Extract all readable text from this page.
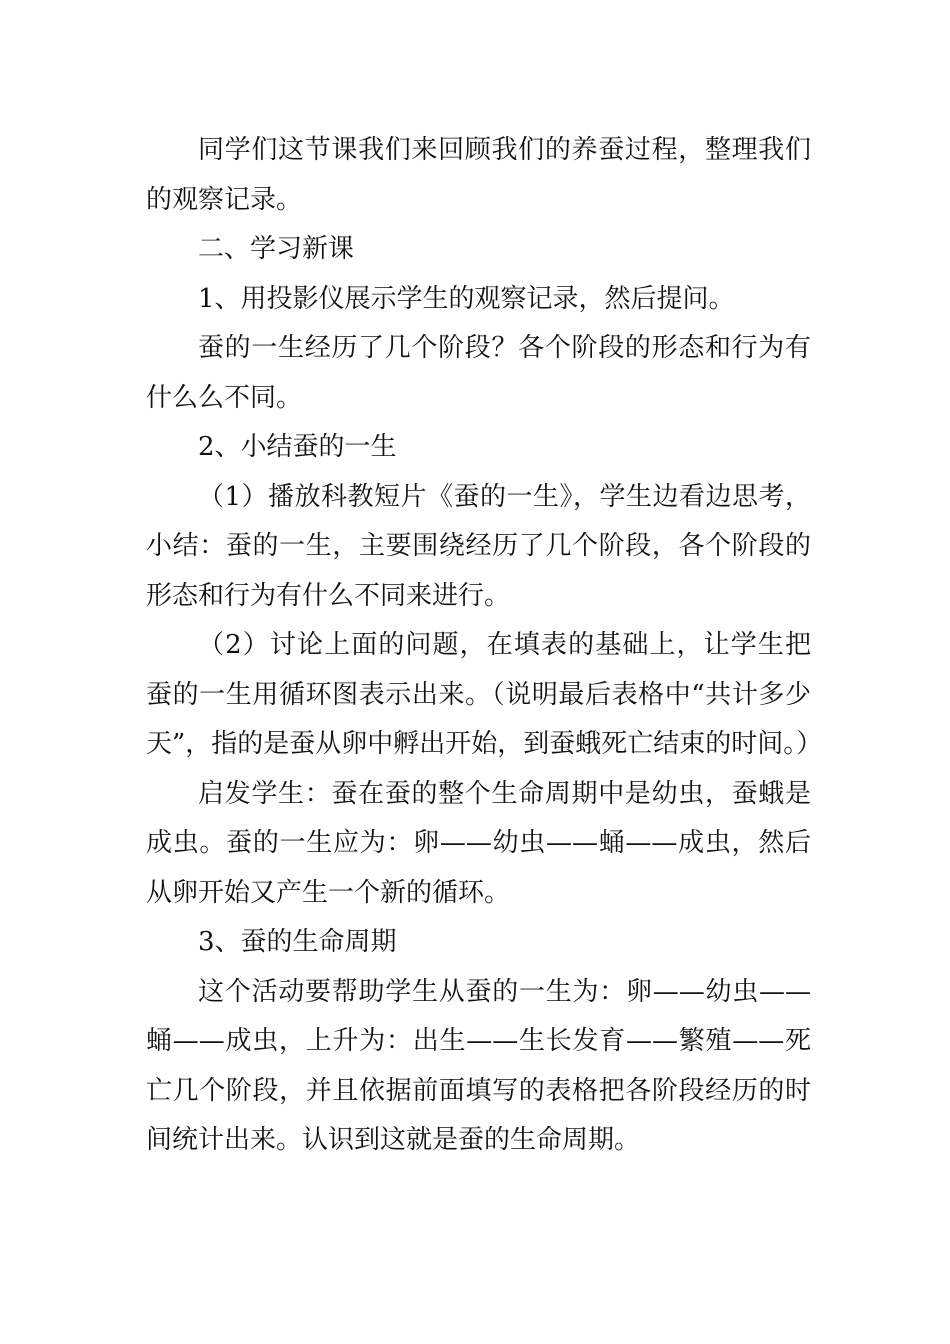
同学们这节课我们来回顾我们的养蚕过程，整理我们的观察记录。

二、学习新课

1、用投影仪展示学生的观察记录，然后提问。

蚕的一生经历了几个阶段？各个阶段的形态和行为有什么么不同。

2、小结蚕的一生

（1）播放科教短片《蚕的一生》，学生边看边思考，小结：蚕的一生，主要围绕经历了几个阶段，各个阶段的形态和行为有什么不同来进行。

（2）讨论上面的问题，在填表的基础上，让学生把蚕的一生用循环图表示出来。（说明最后表格中“共计多少天”，指的是蚕从卵中孵出开始，到蚕蛾死亡结束的时间。）

启发学生：蚕在蚕的整个生命周期中是幼虫，蚕蛾是成虫。蚕的一生应为：卵——幼虫——蛹——成虫，然后从卵开始又产生一个新的循环。

3、蚕的生命周期

这个活动要帮助学生从蚕的一生为：卵——幼虫——蛹——成虫，上升为：出生——生长发育——繁殖——死亡几个阶段，并且依据前面填写的表格把各阶段经历的时间统计出来。认识到这就是蚕的生命周期。
